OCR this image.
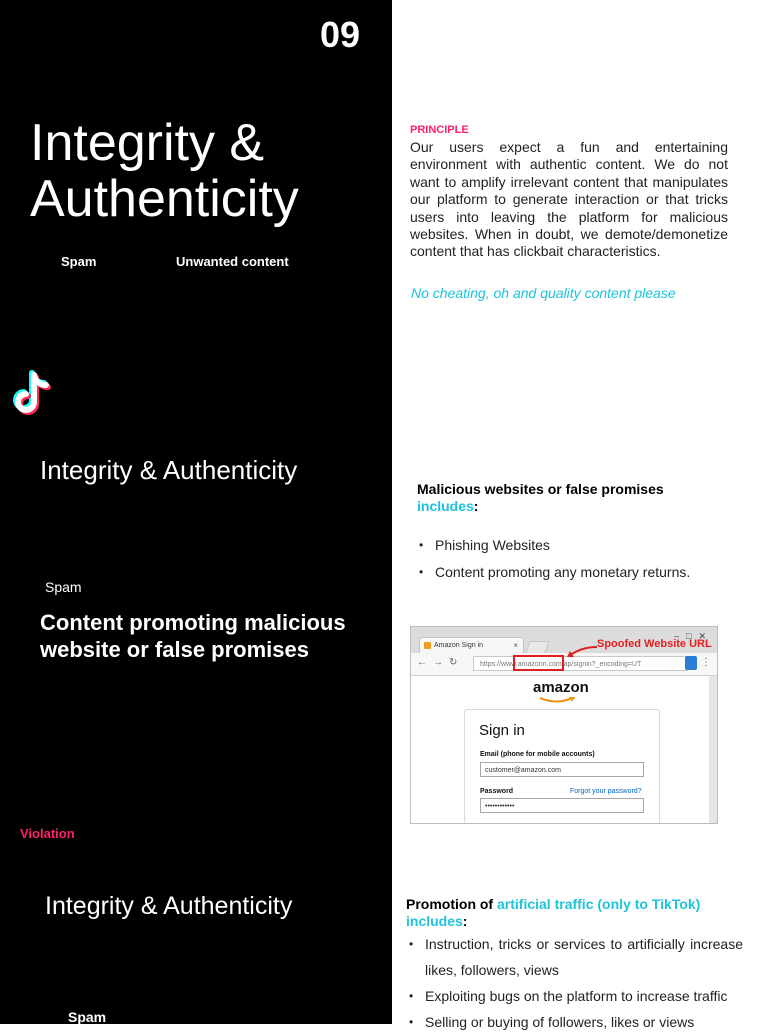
09
Integrity & Authenticity
Spam	Unwanted content
PRINCIPLE
Our users expect a fun and entertaining environment with authentic content. We do not want to amplify irrelevant content that manipulates our platform to generate interaction or that tricks users into leaving the platform for malicious websites. When in doubt, we demote/demonetize content that has clickbait characteristics.
No cheating, oh and quality content please
Integrity & Authenticity
Spam
Content promoting malicious website or false promises
Violation
Malicious websites or false promises
includes:
• Phishing Websites
• Content promoting any monetary returns.
Amazon Sign in	×
–□✕
←→↻	https://www.amazonn.com/ap/signin?_encoding=UT	⋮
Spoofed Website URL
amazon
Sign in
Email (phone for mobile accounts)
customer@amazon.com
Password	Forgot your password?
••••••••••••
Integrity & Authenticity
Spam
Promotion of artificial traffic (only to TikTok)
includes:
• Instruction, tricks or services to artificially increase likes, followers, views
• Exploiting bugs on the platform to increase traffic
• Selling or buying of followers, likes or views
